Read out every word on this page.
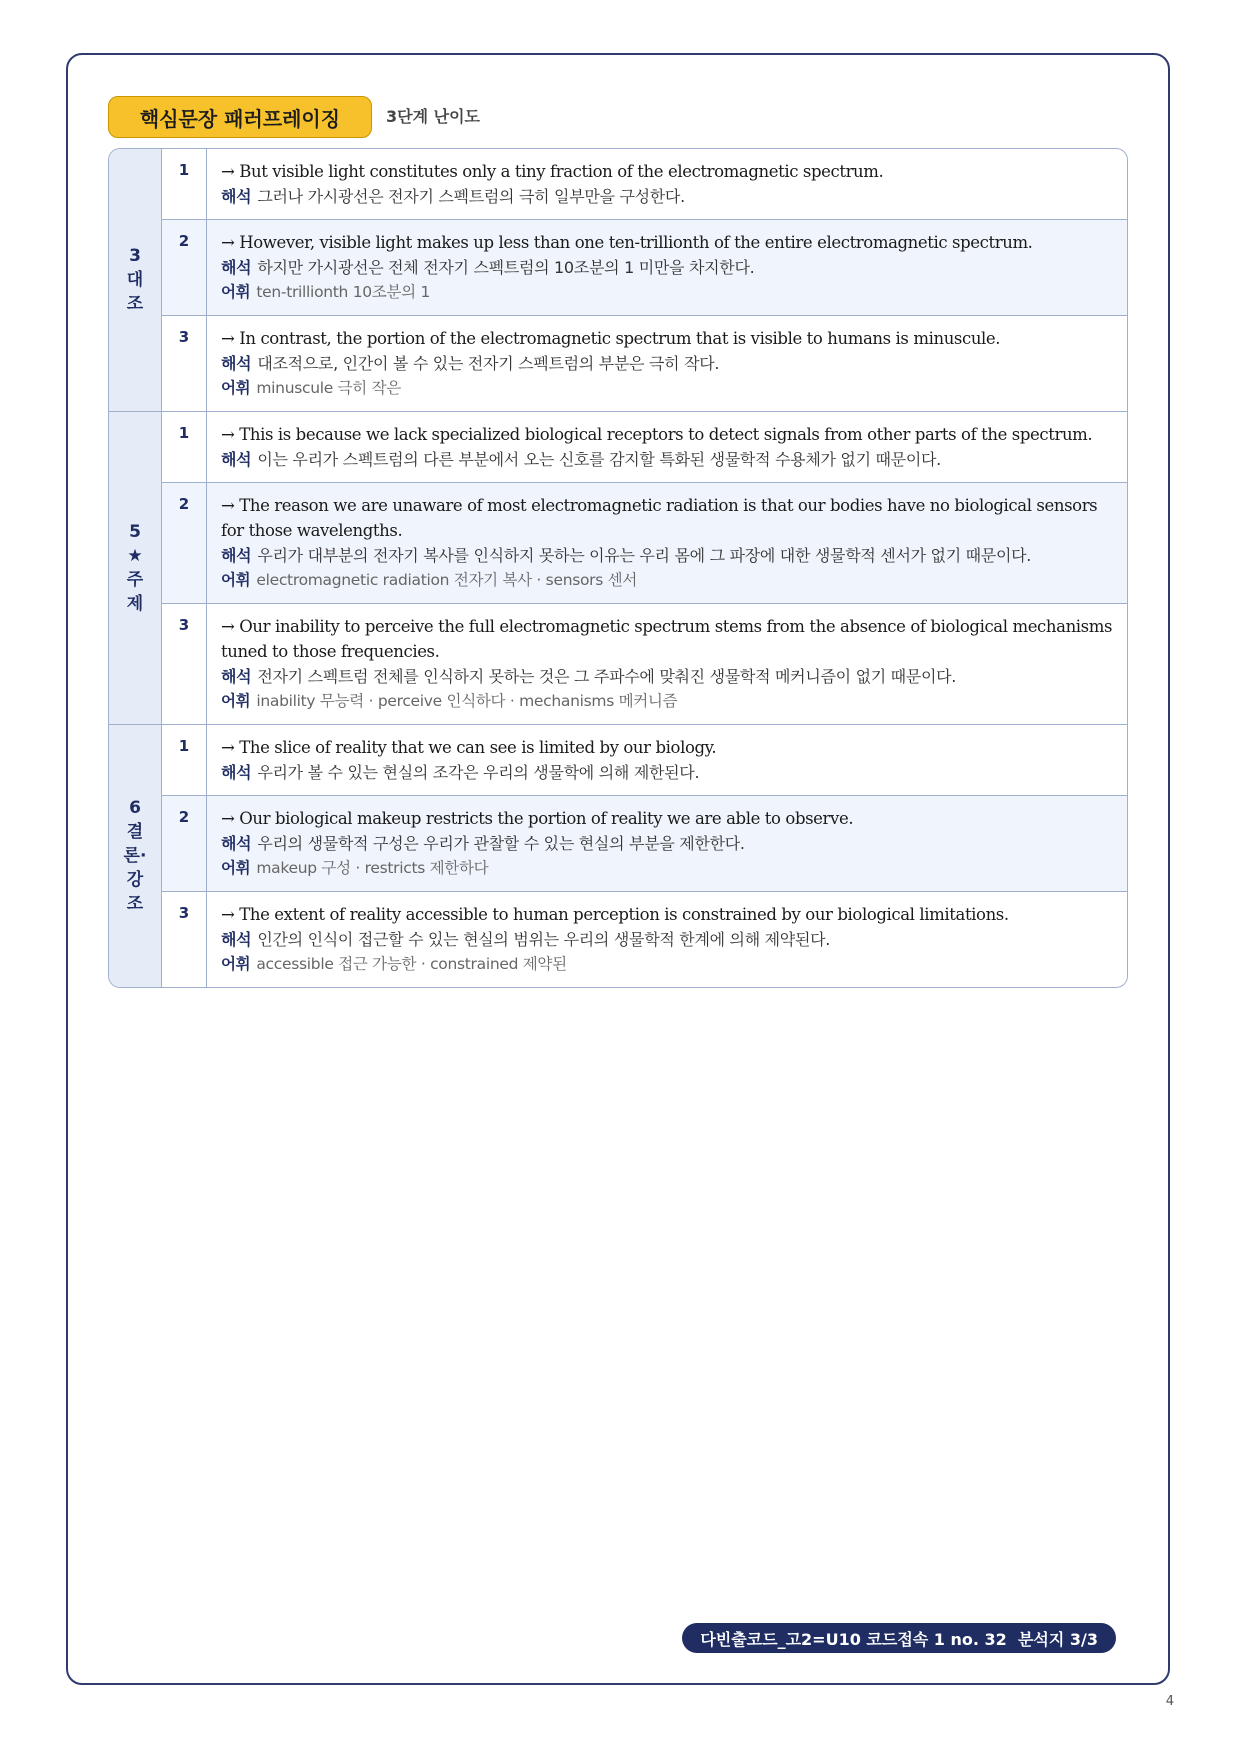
핵심문장 패러프레이징	3단계 난이도
3
대
조
1	→ But visible light constitutes only a tiny fraction of the electromagnetic spectrum.
해석 그러나 가시광선은 전자기 스펙트럼의 극히 일부만을 구성한다.
2	→ However, visible light makes up less than one ten-trillionth of the entire electromagnetic spectrum.
해석 하지만 가시광선은 전체 전자기 스펙트럼의 10조분의 1 미만을 차지한다.
어휘 ten-trillionth 10조분의 1
3	→ In contrast, the portion of the electromagnetic spectrum that is visible to humans is minuscule.
해석 대조적으로, 인간이 볼 수 있는 전자기 스펙트럼의 부분은 극히 작다.
어휘 minuscule 극히 작은
5
★
주
제
1	→ This is because we lack specialized biological receptors to detect signals from other parts of the spectrum.
해석 이는 우리가 스펙트럼의 다른 부분에서 오는 신호를 감지할 특화된 생물학적 수용체가 없기 때문이다.
2	→ The reason we are unaware of most electromagnetic radiation is that our bodies have no biological sensors for those wavelengths.
해석 우리가 대부분의 전자기 복사를 인식하지 못하는 이유는 우리 몸에 그 파장에 대한 생물학적 센서가 없기 때문이다.
어휘 electromagnetic radiation 전자기 복사 · sensors 센서
3	→ Our inability to perceive the full electromagnetic spectrum stems from the absence of biological mechanisms tuned to those frequencies.
해석 전자기 스펙트럼 전체를 인식하지 못하는 것은 그 주파수에 맞춰진 생물학적 메커니즘이 없기 때문이다.
어휘 inability 무능력 · perceive 인식하다 · mechanisms 메커니즘
6
결
론·
강
조
1	→ The slice of reality that we can see is limited by our biology.
해석 우리가 볼 수 있는 현실의 조각은 우리의 생물학에 의해 제한된다.
2	→ Our biological makeup restricts the portion of reality we are able to observe.
해석 우리의 생물학적 구성은 우리가 관찰할 수 있는 현실의 부분을 제한한다.
어휘 makeup 구성 · restricts 제한하다
3	→ The extent of reality accessible to human perception is constrained by our biological limitations.
해석 인간의 인식이 접근할 수 있는 현실의 범위는 우리의 생물학적 한계에 의해 제약된다.
어휘 accessible 접근 가능한 · constrained 제약된
다빈출코드_고2=U10 코드접속 1 no. 32  분석지 3/3
4
